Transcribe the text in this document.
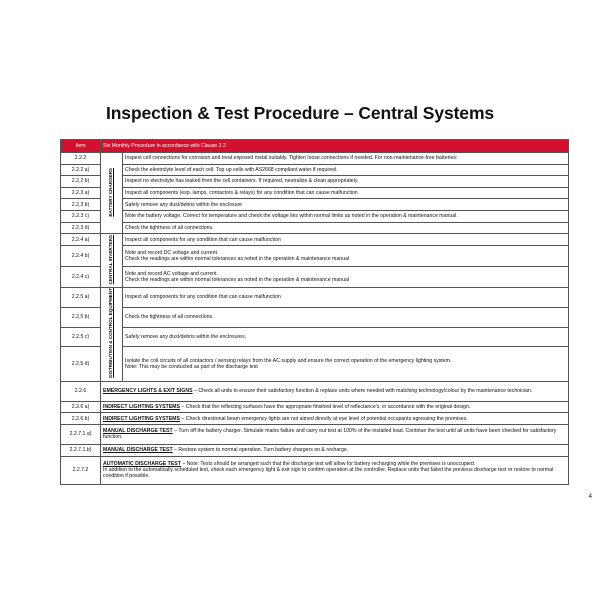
Inspection & Test Procedure – Central Systems
Item	Six Monthly Procedure in accordance with Clause 2.2	
2.2.2	BATTERY CHARGERS	Inspect cell connections for corrosion and treat exposed metal suitably. Tighten loose connections if needed. For non-maintenance-free batteries:
2.2.2 a)		Check the electrolyte level of each cell. Top up cells with AS2668 compliant water if required.
2.2.2 b)		Inspect no electrolyte has leaked from the cell containers. If required, neutralize & clean appropriately.
2.2.3 a)		Inspect all components (esp. lamps, contactors & relays) for any condition that can cause malfunction
2.2.3 b)		Safely remove any dust/debris within the enclosure
2.2.3 c)		Note the battery voltage. Correct for temperature and check the voltage lies within normal limits as noted in the operation & maintenance manual.
2.2.3 d)		Check the tightness of all connections.
2.2.4 a)	CENTRAL INVERTERS	Inspect all components for any condition that can cause malfunction
2.2.4 b)		Note and record DC voltage and current.
Check the readings are within normal tolerances as noted in the operation & maintenance manual

2.2.4 c)		Note and record AC voltage and current.
Check the readings are within normal tolerances as noted in the operation & maintenance manual

2.2.5 a)	DISTRIBUTION & CONTROL EQUIPMENT	Inspect all components for any condition that can cause malfunction
2.2.5 b)		Check the tightness of all connections.
2.2.5 c)		Safely remove any dust/debris within the enclosures.
2.2.5 d)		Isolate the coil circuits of all contactors / sensing relays from the AC supply and ensure the correct operation of the emergency lighting system.
Note: This may be conducted as part of the discharge test

2.2.6	EMERGENCY LIGHTS & EXIT SIGNS – Check all units to ensure their satisfactory function & replace units where needed with matching technology/colour by the maintenance technician.	
2.2.6 a)	INDIRECT LIGHTING SYSTEMS – Check that the reflecting surfaces have the appropriate finished level of reflectance's, in accordance with the original design.	
2.2.6 b)	INDIRECT LIGHTING SYSTEMS – Check directional beam emergency lights are not aimed directly at eye level of potential occupants egressing the premises.	
2.2.7.1 a)	MANUAL DISCHARGE TEST – Turn off the battery charger. Simulate mains failure and carry out test at 100% of the installed load. Continue the test until all units have been checked for satisfactory function.	
2.2.7.1 b)	MANUAL DISCHARGE TEST – Restore system to normal operation. Turn battery chargers on & recharge.	
2.2.7.2	AUTOMATIC DISCHARGE TEST – Note: Tests should be arranged such that the discharge test will allow for battery recharging while the premises is unoccupied.
In addition to the automatically scheduled test, check each emergency light & exit sign to confirm operation at the controller. Replace units that failed the previous discharge test or restore to normal condition if possible.	
4
